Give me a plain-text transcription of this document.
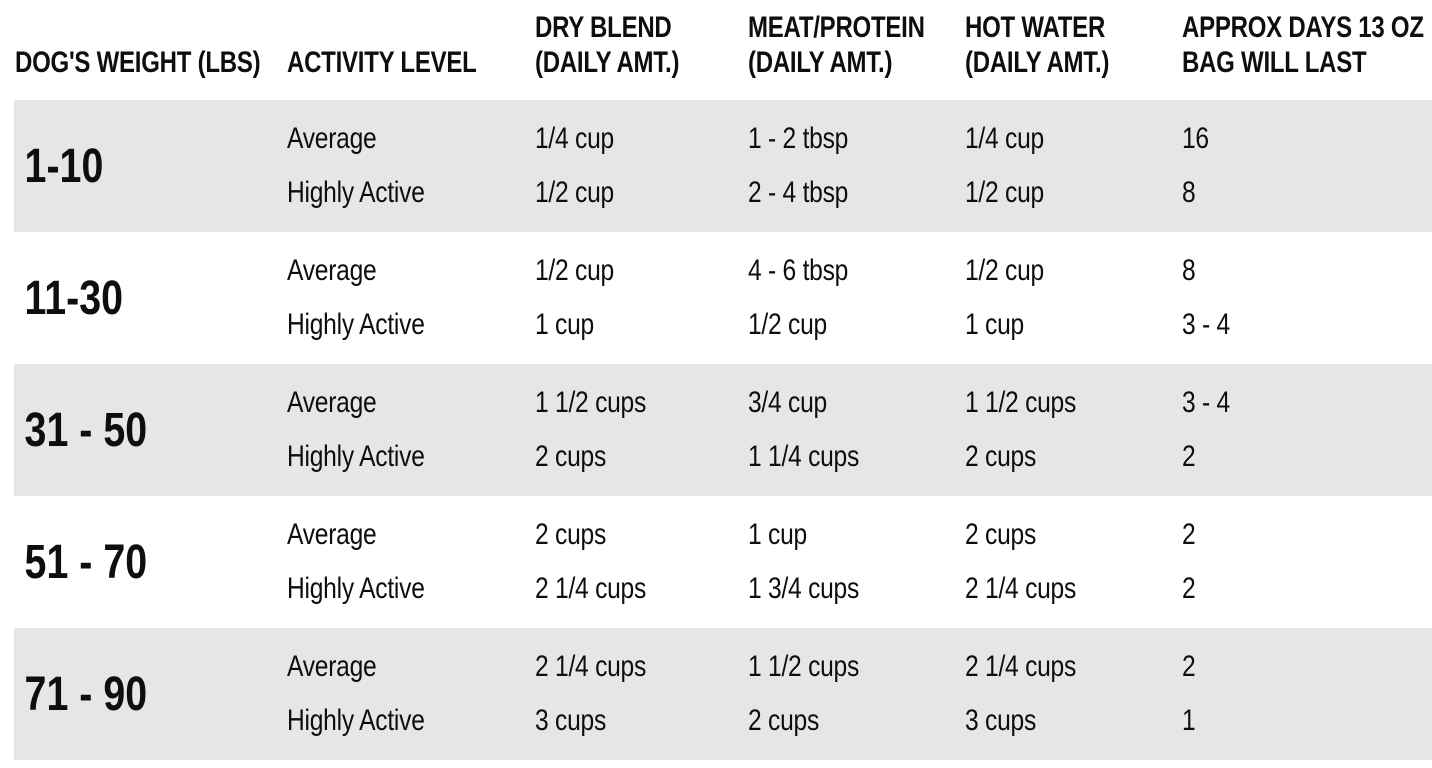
DOG'S WEIGHT (LBS) ACTIVITY LEVEL
DRY BLEND
(DAILY AMT.)
MEAT/PROTEIN
(DAILY AMT.)
HOT WATER
(DAILY AMT.)
APPROX DAYS 13 OZ
BAG WILL LAST
1-10
Average
Highly Active
1/4 cup
1/2 cup
1 - 2 tbsp
2 - 4 tbsp
1/4 cup
1/2 cup
16
8
11-30
Average
Highly Active
1/2 cup
1 cup
4 - 6 tbsp
1/2 cup
1/2 cup
1 cup
8
3 - 4
31 - 50
Average
Highly Active
1 1/2 cups
2 cups
3/4 cup
1 1/4 cups
1 1/2 cups
2 cups
3 - 4
2
51 - 70
Average
Highly Active
2 cups
2 1/4 cups
1 cup
1 3/4 cups
2 cups
2 1/4 cups
2
2
71 - 90
Average
Highly Active
2 1/4 cups
3 cups
1 1/2 cups
2 cups
2 1/4 cups
3 cups
2
1
